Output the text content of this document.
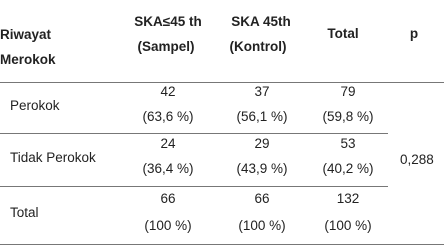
Riwayat
Merokok
SKA≤45 th
(Sampel)
SKA 45th
(Kontrol)
Total	p
Perokok
42
(63,6 %)
37
(56,1 %)
79
(59,8 %)
Tidak Perokok
24
(36,4 %)
29
(43,9 %)
53
(40,2 %)
0,288
Total
66
(100 %)
66
(100 %)
132
(100 %)
